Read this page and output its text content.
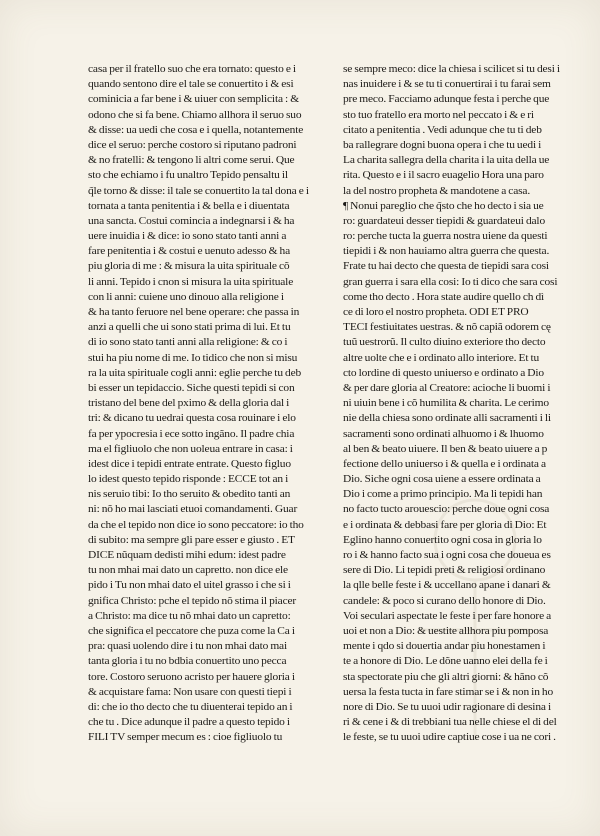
casa per il fratello suo che era tornato: questo e i
quando sentono dire el tale se conuertito i & esi
cominicia a far bene i & uiuer con semplicita : &
odono che si fa bene. Chiamo allhora il seruo suo
& disse: ua uedi che cosa e i quella, notantemente
dice el seruo: perche costoro si riputano padroni
& no fratelli: & tengono li altri come serui. Que
sto che echiamo i fu unaltro Tepido pensaltu il
q̃le torno & disse: il tale se conuertito la tal dona e i
tornata a tanta penitentia i & bella e i diuentata
una sancta. Costui comincia a indegnarsi i & ha
uere inuidia i & dice: io sono stato tanti anni a
fare penitentia i & costui e uenuto adesso & ha
piu gloria di me : & misura la uita spirituale cõ
li anni. Tepido i cnon si misura la uita spirituale
con li anni: cuiene uno dinouo alla religione i
& ha tanto feruore nel bene operare: che passa in
anzi a quelli che ui sono stati prima di lui. Et tu
di io sono stato tanti anni alla religione: & co i
stui ha piu nome di me. Io tidico che non si misu
ra la uita spirituale cogli anni: eglie perche tu deb
bi esser un tepidaccio. Siche questi tepidi si con
tristano del bene del pximo & della gloria dal i
tri: & dicano tu uedrai questa cosa rouinare i elo
fa per ypocresia i ece sotto ingãno. Il padre chia
ma el figliuolo che non uoleua entrare in casa: i
idest dice i tepidi entrate entrate. Questo figluo
lo idest questo tepido risponde : ECCE tot an i
nis seruio tibi: Io tho seruito & obedito tanti an
ni: nõ ho mai lasciati etuoi comandamenti. Guar
da che el tepido non dice io sono peccatore: io tho
di subito: ma sempre gli pare esser e giusto . ET
DICE nũquam dedisti mihi edum: idest padre
tu non mhai mai dato un capretto. non dice ele
pido i Tu non mhai dato el uitel grasso i che si i
gnifica Christo: pche el tepido nõ stima il piacer
a Christo: ma dice tu nõ mhai dato un capretto:
che significa el peccatore che puza come la Ca i
pra: quasi uolendo dire i tu non mhai dato mai
tanta gloria i tu no bdbia conuertito uno pecca
tore. Costoro seruono acristo per hauere gloria i
& acquistare fama: Non usare con questi tiepi i
di: che io tho decto che tu diuenterai tepido an i
che tu . Dice adunque il padre a questo tepido i
FILI TV semper mecum es : cioe figliuolo tu
se sempre meco: dice la chiesa i scilicet si tu desi i
nas inuidere i & se tu ti conuertirai i tu farai sem
pre meco. Facciamo adunque festa i perche que
sto tuo fratello era morto nel peccato i & e ri
citato a penitentia . Vedi adunque che tu ti deb
ba rallegrare dogni buona opera i che tu uedi i
La charita sallegra della charita i la uita della ue
rita. Questo e i il sacro euagelio Hora una paro
la del nostro propheta & mandotene a casa.
¶ Nonui pareglio che q̃sto che ho decto i sia ue
ro: guardateui desser tiepidi & guardateui dalo
ro: perche tucta la guerra nostra uiene da questi
tiepidi i & non hauiamo altra guerra che questa.
Frate tu hai decto che questa de tiepidi sara cosi
gran guerra i sara ella cosi: Io ti dico che sara cosi
come tho decto . Hora state audire quello ch dì
ce di loro el nostro propheta. ODI ET PRO
TECI festiuitates uestras. & nõ capiã odorem cę
tuũ uestrorũ. Il culto diuino exteriore tho decto
altre uolte che e i ordinato allo interiore. Et tu
cto lordine di questo uniuerso e ordinato a Dio
& per dare gloria al Creatore: acioche li buomi i
ni uiuin bene i cõ humilita & charita. Le cerimo
nie della chiesa sono ordinate alli sacramenti i li
sacramenti sono ordinati alhuomo i & lhuomo
al ben & beato uiuere. Il ben & beato uiuere a p
fectione dello uniuerso i & quella e i ordinata a
Dio. Siche ogni cosa uiene a essere ordinata a
Dio i come a primo principio. Ma li tepidi han
no facto tucto arouescio: perche doue ogni cosa
e i ordinata & debbasi fare per gloria di Dio: Et
Eglino hanno conuertito ogni cosa in gloria lo
ro i & hanno facto sua i ogni cosa che doueua es
sere di Dio. Li tepidi preti & religiosi ordinano
la qlle belle feste i & uccellano apane i danari &
candele: & poco si curano dello honore di Dio.
Voi seculari aspectate le feste i per fare honore a
uoi et non a Dio: & uestite allhora piu pomposa
mente i qdo si douertia andar piu honestamen i
te a honore di Dio. Le dõne uanno elei della fe i
sta spectorate piu che gli altri giorni: & hãno cõ
uersa la festa tucta in fare stimar se i & non in ho
nore di Dio. Se tu uuoi udir ragionare di desina i
ri & cene i & di trebbiani tua nelle chiese el di del
le feste, se tu uuoi udire captiue cose i ua ne cori .
